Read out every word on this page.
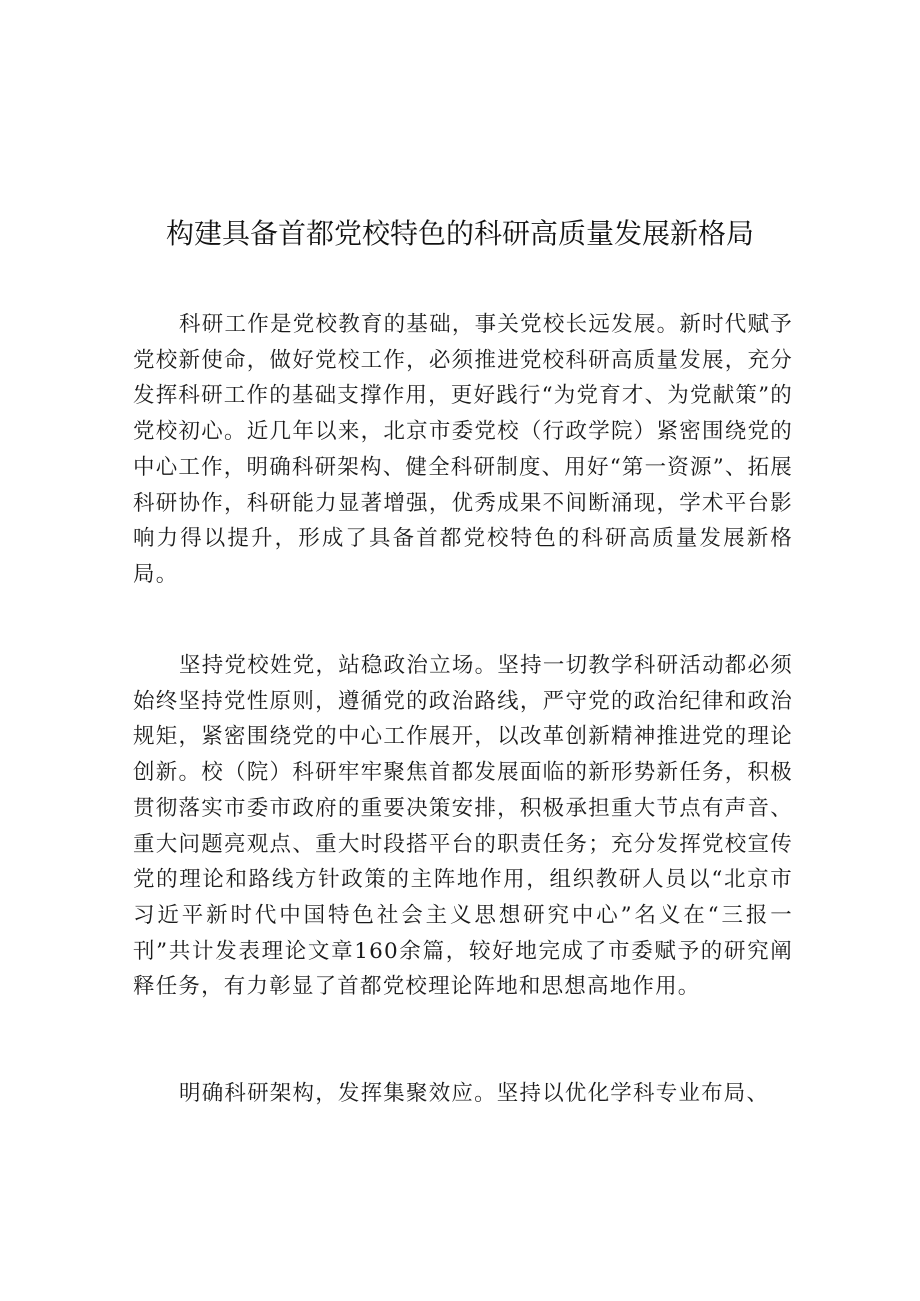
构建具备首都党校特色的科研高质量发展新格局

科研工作是党校教育的基础，事关党校长远发展。新时代赋予党校新使命，做好党校工作，必须推进党校科研高质量发展，充分发挥科研工作的基础支撑作用，更好践行“为党育才、为党献策”的党校初心。近几年以来，北京市委党校（行政学院）紧密围绕党的中心工作，明确科研架构、健全科研制度、用好“第一资源”、拓展科研协作，科研能力显著增强，优秀成果不间断涌现，学术平台影响力得以提升，形成了具备首都党校特色的科研高质量发展新格局。

坚持党校姓党，站稳政治立场。坚持一切教学科研活动都必须始终坚持党性原则，遵循党的政治路线，严守党的政治纪律和政治规矩，紧密围绕党的中心工作展开，以改革创新精神推进党的理论创新。校（院）科研牢牢聚焦首都发展面临的新形势新任务，积极贯彻落实市委市政府的重要决策安排，积极承担重大节点有声音、重大问题亮观点、重大时段搭平台的职责任务；充分发挥党校宣传党的理论和路线方针政策的主阵地作用，组织教研人员以“北京市习近平新时代中国特色社会主义思想研究中心”名义在“三报一刊”共计发表理论文章160余篇，较好地完成了市委赋予的研究阐释任务，有力彰显了首都党校理论阵地和思想高地作用。

明确科研架构，发挥集聚效应。坚持以优化学科专业布局、
